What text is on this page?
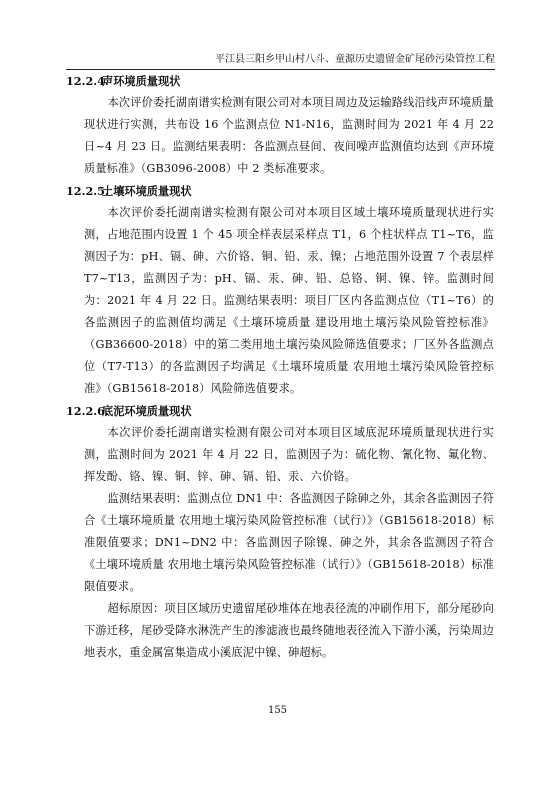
平江县三阳乡甲山村八斗、童源历史遗留金矿尾砂污染管控工程
12.2.4.声环境质量现状
本次评价委托湖南谱实检测有限公司对本项目周边及运输路线沿线声环境质量现状进行实测，共布设 16 个监测点位 N1-N16，监测时间为 2021 年 4 月 22 日~4 月 23 日。监测结果表明：各监测点昼间、夜间噪声监测值均达到《声环境质量标准》（GB3096-2008）中 2 类标准要求。
12.2.5.土壤环境质量现状
本次评价委托湖南谱实检测有限公司对本项目区域土壤环境质量现状进行实测，占地范围内设置 1 个 45 项全样表层采样点 T1，6 个柱状样点 T1~T6，监测因子为：pH、镉、砷、六价铬、铜、铅、汞、镍；占地范围外设置 7 个表层样 T7~T13，监测因子为：pH、镉、汞、砷、铅、总铬、铜、镍、锌。监测时间为：2021 年 4 月 22 日。监测结果表明：项目厂区内各监测点位（T1~T6）的各监测因子的监测值均满足《土壤环境质量 建设用地土壤污染风险管控标准》（GB36600-2018）中的第二类用地土壤污染风险筛选值要求；厂区外各监测点位（T7-T13）的各监测因子均满足《土壤环境质量 农用地土壤污染风险管控标准》（GB15618-2018）风险筛选值要求。
12.2.6.底泥环境质量现状
本次评价委托湖南谱实检测有限公司对本项目区域底泥环境质量现状进行实测，监测时间为 2021 年 4 月 22 日，监测因子为：硫化物、氰化物、氟化物、挥发酚、铬、镍、铜、锌、砷、镉、铅、汞、六价铬。
监测结果表明：监测点位 DN1 中：各监测因子除砷之外，其余各监测因子符合《土壤环境质量 农用地土壤污染风险管控标准（试行）》（GB15618-2018）标准限值要求；DN1~DN2 中：各监测因子除镍、砷之外，其余各监测因子符合《土壤环境质量 农用地土壤污染风险管控标准（试行）》（GB15618-2018）标准限值要求。
超标原因：项目区域历史遗留尾砂堆体在地表径流的冲刷作用下，部分尾砂向下游迁移，尾砂受降水淋洗产生的渗滤液也最终随地表径流入下游小溪，污染周边地表水，重金属富集造成小溪底泥中镍、砷超标。
155
